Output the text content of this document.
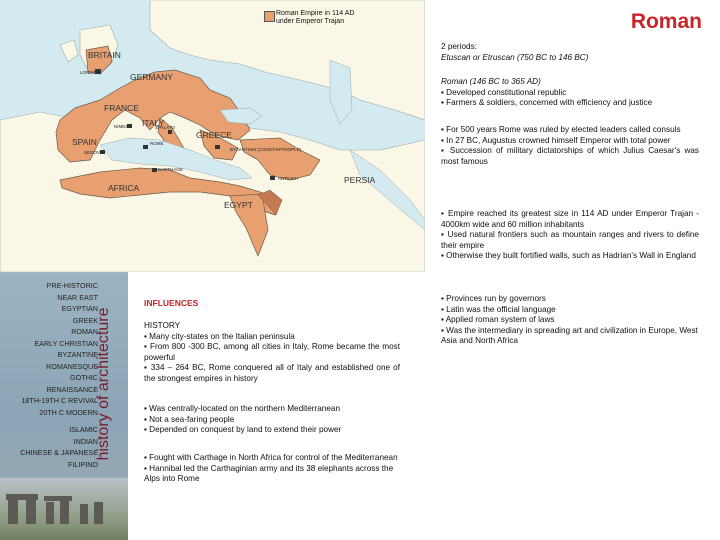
Roman Empire in 114 AD
under Emperor Trajan
BRITAIN
GERMANY
FRANCE
ITALY
SPAIN
GREECE
AFRICA
EGYPT
PERSIA
LONDON
NIMES
ROME
SEGOVIA
BYZANTIUM (CONSTANTINOPLE)
CARTHAGE
ANTIOCH
SPALATO
Roman

2 periods:

Etuscan or Etruscan (750 BC to 146 BC)

Roman (146 BC to 365 AD)

▪ Developed constitutional republic

▪ Farmers & soldiers, concerned with efficiency and justice

▪ For 500 years Rome was ruled by elected leaders called consuls

▪ In 27 BC, Augustus crowned himself Emperor with total power

▪ Succession of military dictatorships of which Julius Caesar's was most famous

▪ Empire reached its greatest size in 114 AD under Emperor Trajan - 4000km wide and 60 million inhabitants

▪ Used natural frontiers such as mountain ranges and rivers to define their empire

▪ Otherwise they built fortified walls, such as Hadrian's Wall in England

▪ Provinces run by governors

▪ Latin was the official language

▪ Applied roman system of laws

▪ Was the intermediary in spreading art and civilization in Europe, West Asia and North Africa

PRE-HISTORIC
NEAR EAST
EGYPTIAN
GREEK
ROMAN
EARLY CHRISTIAN
BYZANTINE
ROMANESQUE
GOTHIC
RENAISSANCE
18TH-19TH C REVIVAL
20TH C MODERN
ISLAMIC
INDIAN
CHINESE & JAPANESE
FILIPINO
history of architecture
INFLUENCES

HISTORY

▪ Many city-states on the Italian peninsula

▪ From 800 -300 BC, among all cities in Italy, Rome became the most powerful

▪ 334 – 264 BC, Rome conquered all of Italy and established one of the strongest empires in history

▪ Was centrally-located on the northern Mediterranean

▪ Not a sea-faring people

▪ Depended on conquest by land to extend their power

▪ Fought with Carthage in North Africa for control of the Mediterranean

▪ Hannibal led the Carthaginian army and its 38 elephants across the Alps into Rome
